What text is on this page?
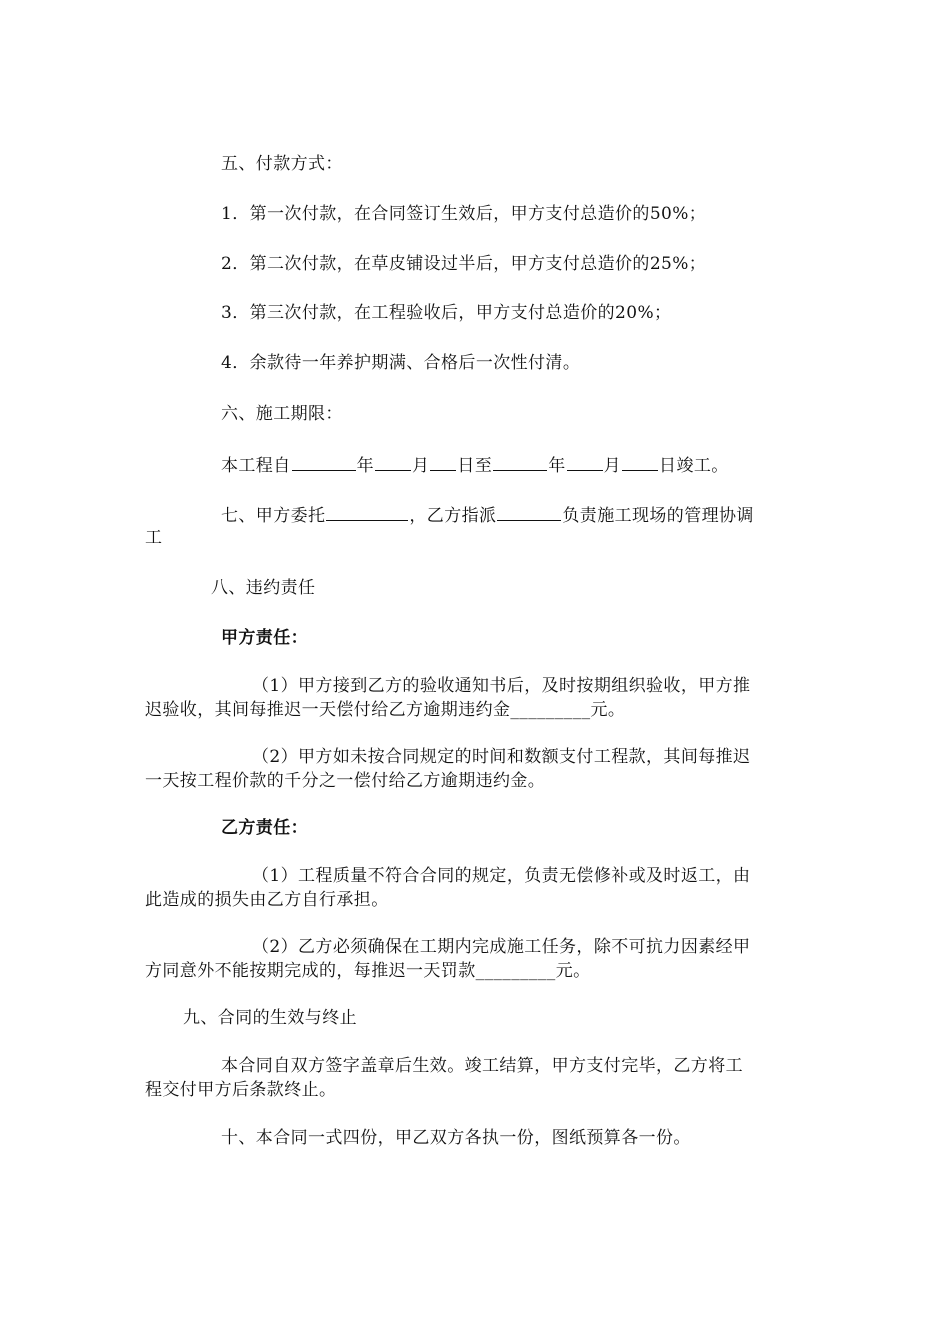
五、付款方式：
1．第一次付款，在合同签订生效后，甲方支付总造价的50%；
2．第二次付款，在草皮铺设过半后，甲方支付总造价的25%；
3．第三次付款，在工程验收后，甲方支付总造价的20%；
4．余款待一年养护期满、合格后一次性付清。
六、施工期限：
本工程自	年 月 日至	年 月 日竣工。
七、甲方委托	，乙方指派	负责施工现场的管理协调
工
八、违约责任
甲方责任：
（1）甲方接到乙方的验收通知书后，及时按期组织验收，甲方推
迟验收，其间每推迟一天偿付给乙方逾期违约金_________元。
（2）甲方如未按合同规定的时间和数额支付工程款，其间每推迟
一天按工程价款的千分之一偿付给乙方逾期违约金。
乙方责任：
（1）工程质量不符合合同的规定，负责无偿修补或及时返工，由
此造成的损失由乙方自行承担。
（2）乙方必须确保在工期内完成施工任务，除不可抗力因素经甲
方同意外不能按期完成的，每推迟一天罚款_________元。
九、合同的生效与终止
本合同自双方签字盖章后生效。竣工结算，甲方支付完毕，乙方将工
程交付甲方后条款终止。
十、本合同一式四份，甲乙双方各执一份，图纸预算各一份。
